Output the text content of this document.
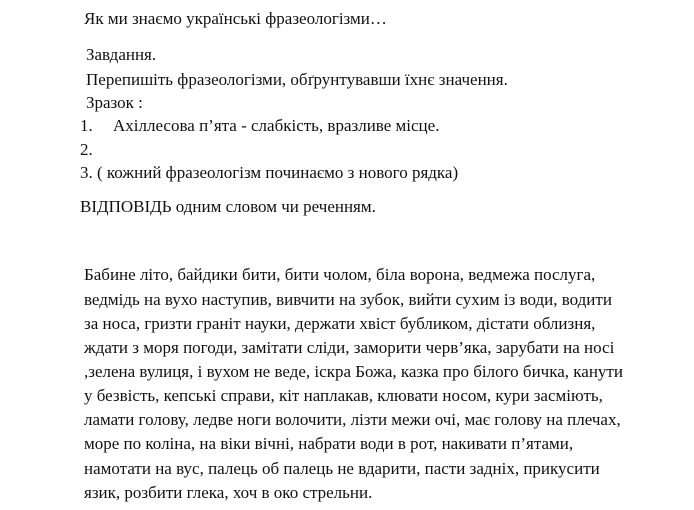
Як ми знаємо українські фразеологізми…
Завдання.
Перепишіть фразеологізми, обґрунтувавши їхнє значення.
Зразок :
1. Ахіллесова п’ята - слабкість, вразливе місце.
2.
3. ( кожний фразеологізм починаємо з нового рядка)
ВІДПОВІДЬ одним словом чи реченням.
Бабине літо, байдики бити, бити чолом, біла ворона, ведмежа послуга,
ведмідь на вухо наступив, вивчити на зубок, вийти сухим із води, водити
за носа, гризти граніт науки, держати хвіст бубликом, дістати облизня,
ждати з моря погоди, замітати сліди, заморити черв’яка, зарубати на носі
,зелена вулиця, і вухом не веде, іскра Божа, казка про білого бичка, канути
у безвість, кепські справи, кіт наплакав, клювати носом, кури засміють,
ламати голову, ледве ноги волочити, лізти межи очі, має голову на плечах,
море по коліна, на віки вічні, набрати води в рот, накивати п’ятами,
намотати на вус, палець об палець не вдарити, пасти задніх, прикусити
язик, розбити глека, хоч в око стрельни.
